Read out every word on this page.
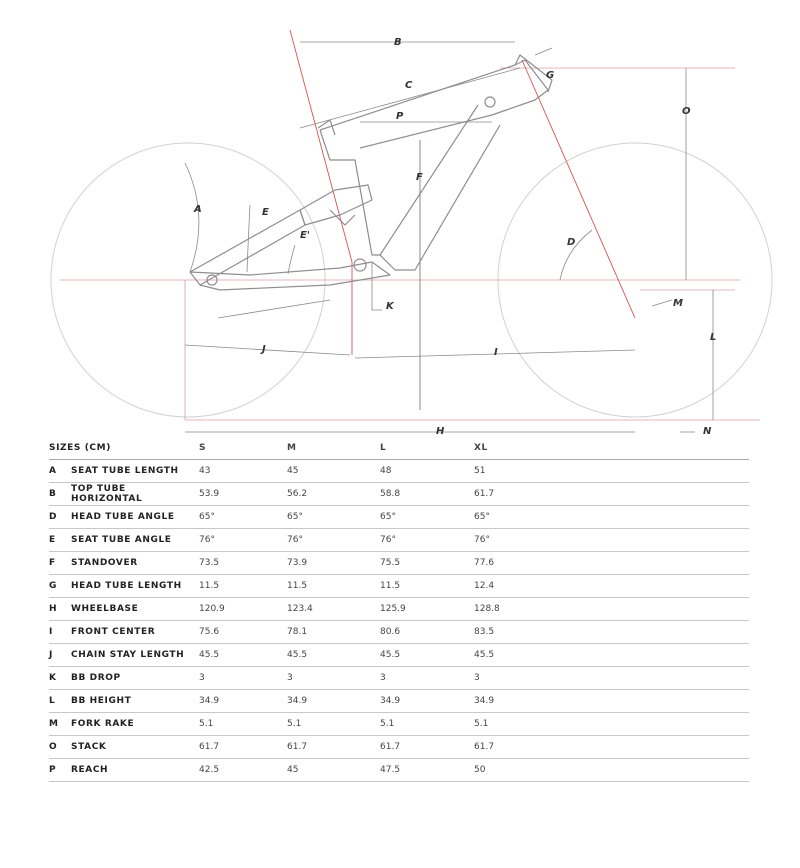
B
C
G
O
P
F
A	E
E'
D
K	M
L
J	I
H	N
SIZES (CM)	S	M	L	XL
A	SEAT TUBE LENGTH	43	45	48	51
B	TOP TUBE HORIZONTAL	53.9	56.2	58.8	61.7
D	HEAD TUBE ANGLE	65°	65°	65°	65°
E	SEAT TUBE ANGLE	76°	76°	76°	76°
F	STANDOVER	73.5	73.9	75.5	77.6
G	HEAD TUBE LENGTH	11.5	11.5	11.5	12.4
H	WHEELBASE	120.9	123.4	125.9	128.8
I	FRONT CENTER	75.6	78.1	80.6	83.5
J	CHAIN STAY LENGTH	45.5	45.5	45.5	45.5
K	BB DROP	3	3	3	3
L	BB HEIGHT	34.9	34.9	34.9	34.9
M	FORK RAKE	5.1	5.1	5.1	5.1
O	STACK	61.7	61.7	61.7	61.7
P	REACH	42.5	45	47.5	50
